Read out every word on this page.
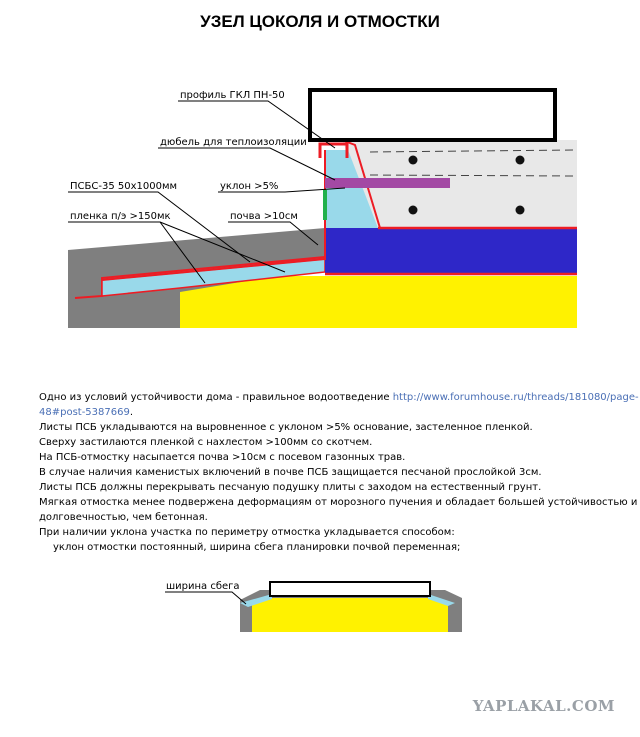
УЗЕЛ ЦОКОЛЯ И ОТМОСТКИ
профиль ГКЛ ПН-50
дюбель для теплоизоляции
ПСБС-35 50х1000мм	уклон >5%
пленка п/э >150мк	почва >10см
ширина сбега
Одно из условий устойчивости дома - правильное водоотведение http://www.forumhouse.ru/threads/181080/page-
48#post-5387669.
Листы ПСБ укладываются на выровненное с уклоном >5% основание, застеленное пленкой.
Сверху застилаются пленкой с нахлестом >100мм со скотчем.
На ПСБ-отмостку насыпается почва >10см с посевом газонных трав.
В случае наличия каменистых включений в почве ПСБ защищается песчаной прослойкой 3см.
Листы ПСБ должны перекрывать песчаную подушку плиты с заходом на естественный грунт.
Мягкая отмостка менее подвержена деформациям от морозного пучения и обладает большей устойчивостью и
долговечностью, чем бетонная.
При наличии уклона участка по периметру отмостка укладывается способом:
уклон отмостки постоянный, ширина сбега планировки почвой переменная;
YAPLAKAL.COM
